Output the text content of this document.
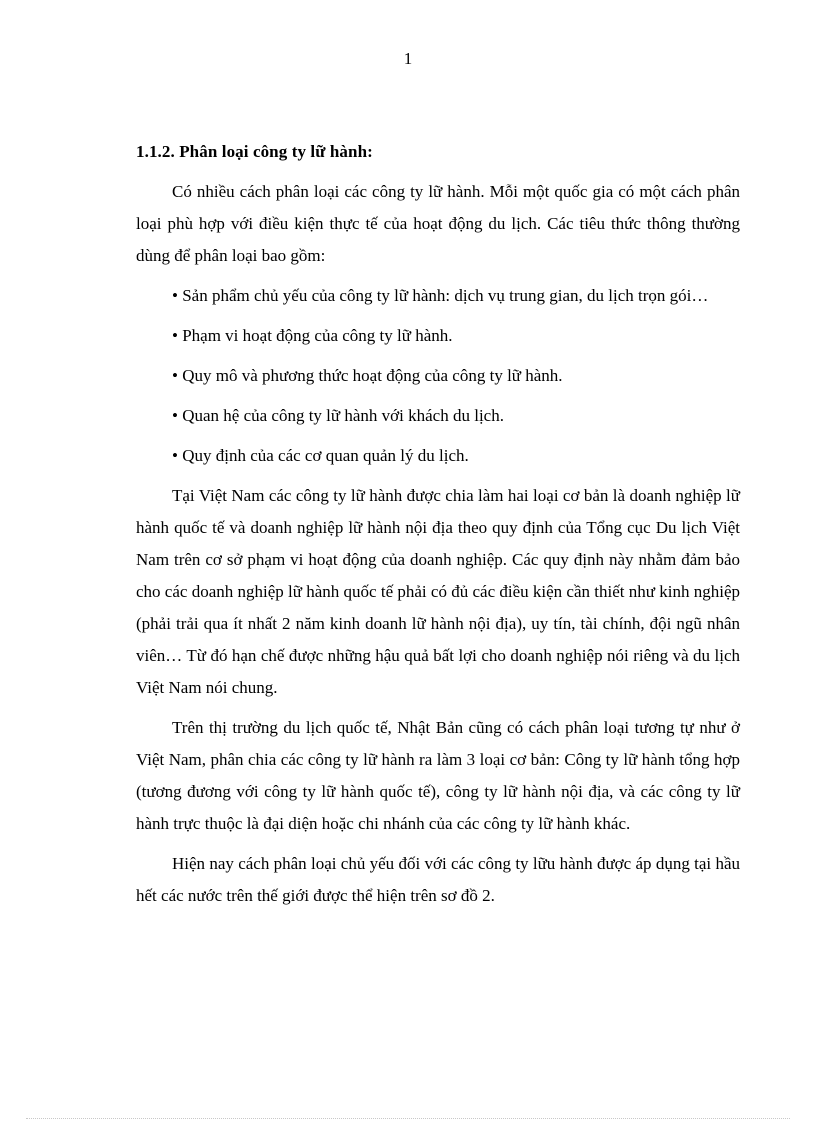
1
1.1.2. Phân loại công ty lữ hành:

Có nhiều cách phân loại các công ty lữ hành. Mỗi một quốc gia có một cách phân loại phù hợp với điều kiện thực tế của hoạt động du lịch. Các tiêu thức thông thường dùng để phân loại bao gồm:

• Sản phẩm chủ yếu của công ty lữ hành: dịch vụ trung gian, du lịch trọn gói…

• Phạm vi hoạt động của công ty lữ hành.

• Quy mô và phương thức hoạt động của công ty lữ hành.

• Quan hệ của công ty lữ hành với khách du lịch.

• Quy định của các cơ quan quản lý du lịch.

Tại Việt Nam các công ty lữ hành được chia làm hai loại cơ bản là doanh nghiệp lữ hành quốc tế và doanh nghiệp lữ hành nội địa theo quy định của Tổng cục Du lịch Việt Nam trên cơ sở phạm vi hoạt động của doanh nghiệp. Các quy định này nhằm đảm bảo cho các doanh nghiệp lữ hành quốc tế phải có đủ các điều kiện cần thiết như kinh nghiệp (phải trải qua ít nhất 2 năm kinh doanh lữ hành nội địa), uy tín, tài chính, đội ngũ nhân viên… Từ đó hạn chế được những hậu quả bất lợi cho doanh nghiệp nói riêng và du lịch Việt Nam nói chung.

Trên thị trường du lịch quốc tế, Nhật Bản cũng có cách phân loại tương tự như ở Việt Nam, phân chia các công ty lữ hành ra làm 3 loại cơ bản: Công ty lữ hành tổng hợp (tương đương với công ty lữ hành quốc tế), công ty lữ hành nội địa, và các công ty lữ hành trực thuộc là đại diện hoặc chi nhánh của các công ty lữ hành khác.

Hiện nay cách phân loại chủ yếu đối với các công ty lữu hành được áp dụng tại hầu hết các nước trên thế giới được thể hiện trên sơ đồ 2.
